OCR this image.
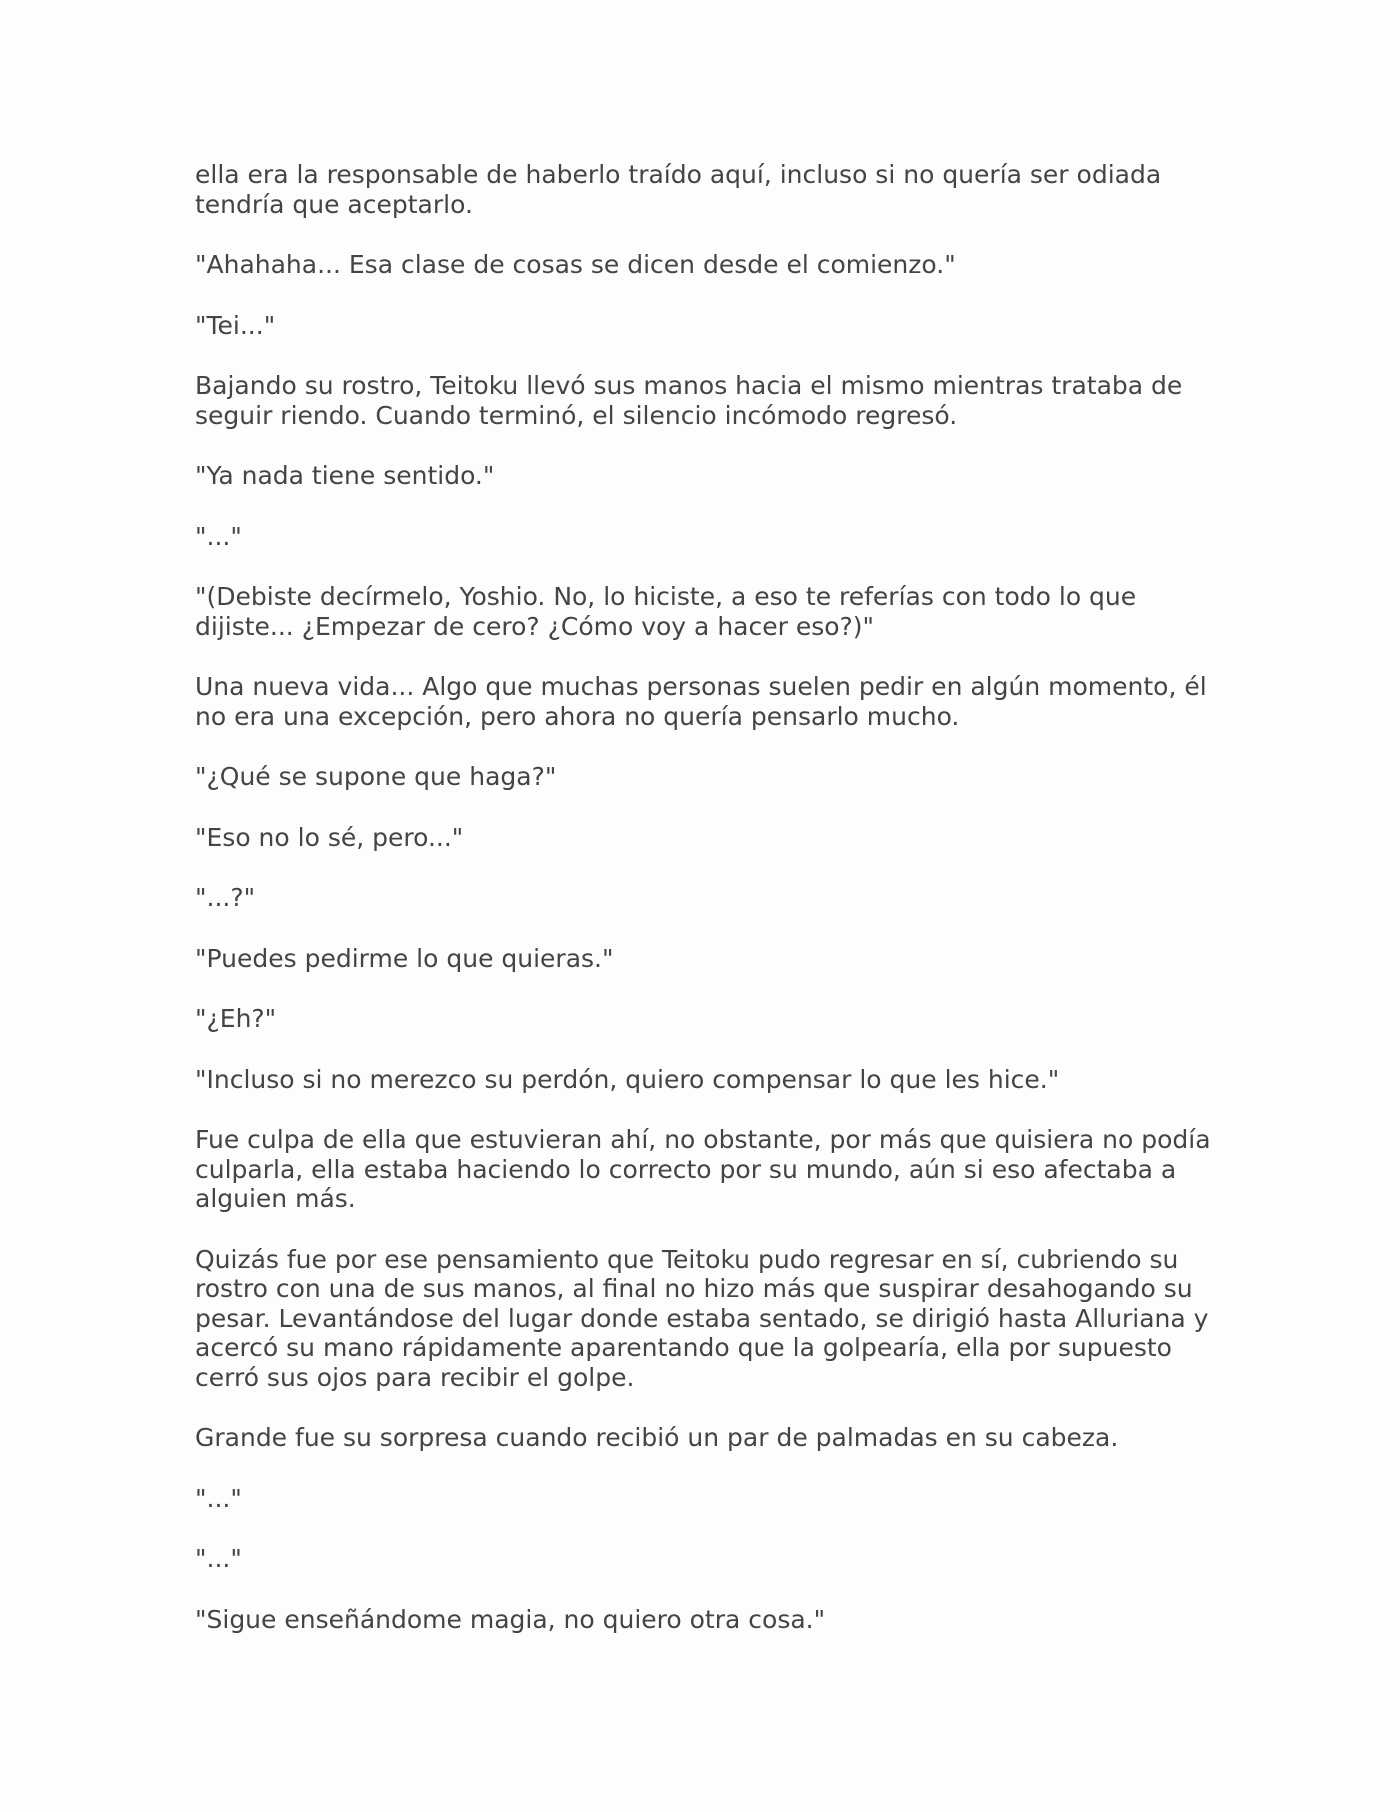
ella era la responsable de haberlo traído aquí, incluso si no quería ser odiada tendría que aceptarlo.

"Ahahaha... Esa clase de cosas se dicen desde el comienzo."

"Tei..."

Bajando su rostro, Teitoku llevó sus manos hacia el mismo mientras trataba de seguir riendo. Cuando terminó, el silencio incómodo regresó.

"Ya nada tiene sentido."

"..."

"(Debiste decírmelo, Yoshio. No, lo hiciste, a eso te referías con todo lo que dijiste... ¿Empezar de cero? ¿Cómo voy a hacer eso?)"

Una nueva vida... Algo que muchas personas suelen pedir en algún momento, él no era una excepción, pero ahora no quería pensarlo mucho.

"¿Qué se supone que haga?"

"Eso no lo sé, pero..."

"...?"

"Puedes pedirme lo que quieras."

"¿Eh?"

"Incluso si no merezco su perdón, quiero compensar lo que les hice."

Fue culpa de ella que estuvieran ahí, no obstante, por más que quisiera no podía culparla, ella estaba haciendo lo correcto por su mundo, aún si eso afectaba a alguien más.

Quizás fue por ese pensamiento que Teitoku pudo regresar en sí, cubriendo su rostro con una de sus manos, al final no hizo más que suspirar desahogando su pesar. Levantándose del lugar donde estaba sentado, se dirigió hasta Alluriana y acercó su mano rápidamente aparentando que la golpearía, ella por supuesto cerró sus ojos para recibir el golpe.

Grande fue su sorpresa cuando recibió un par de palmadas en su cabeza.

"..."

"..."

"Sigue enseñándome magia, no quiero otra cosa."
